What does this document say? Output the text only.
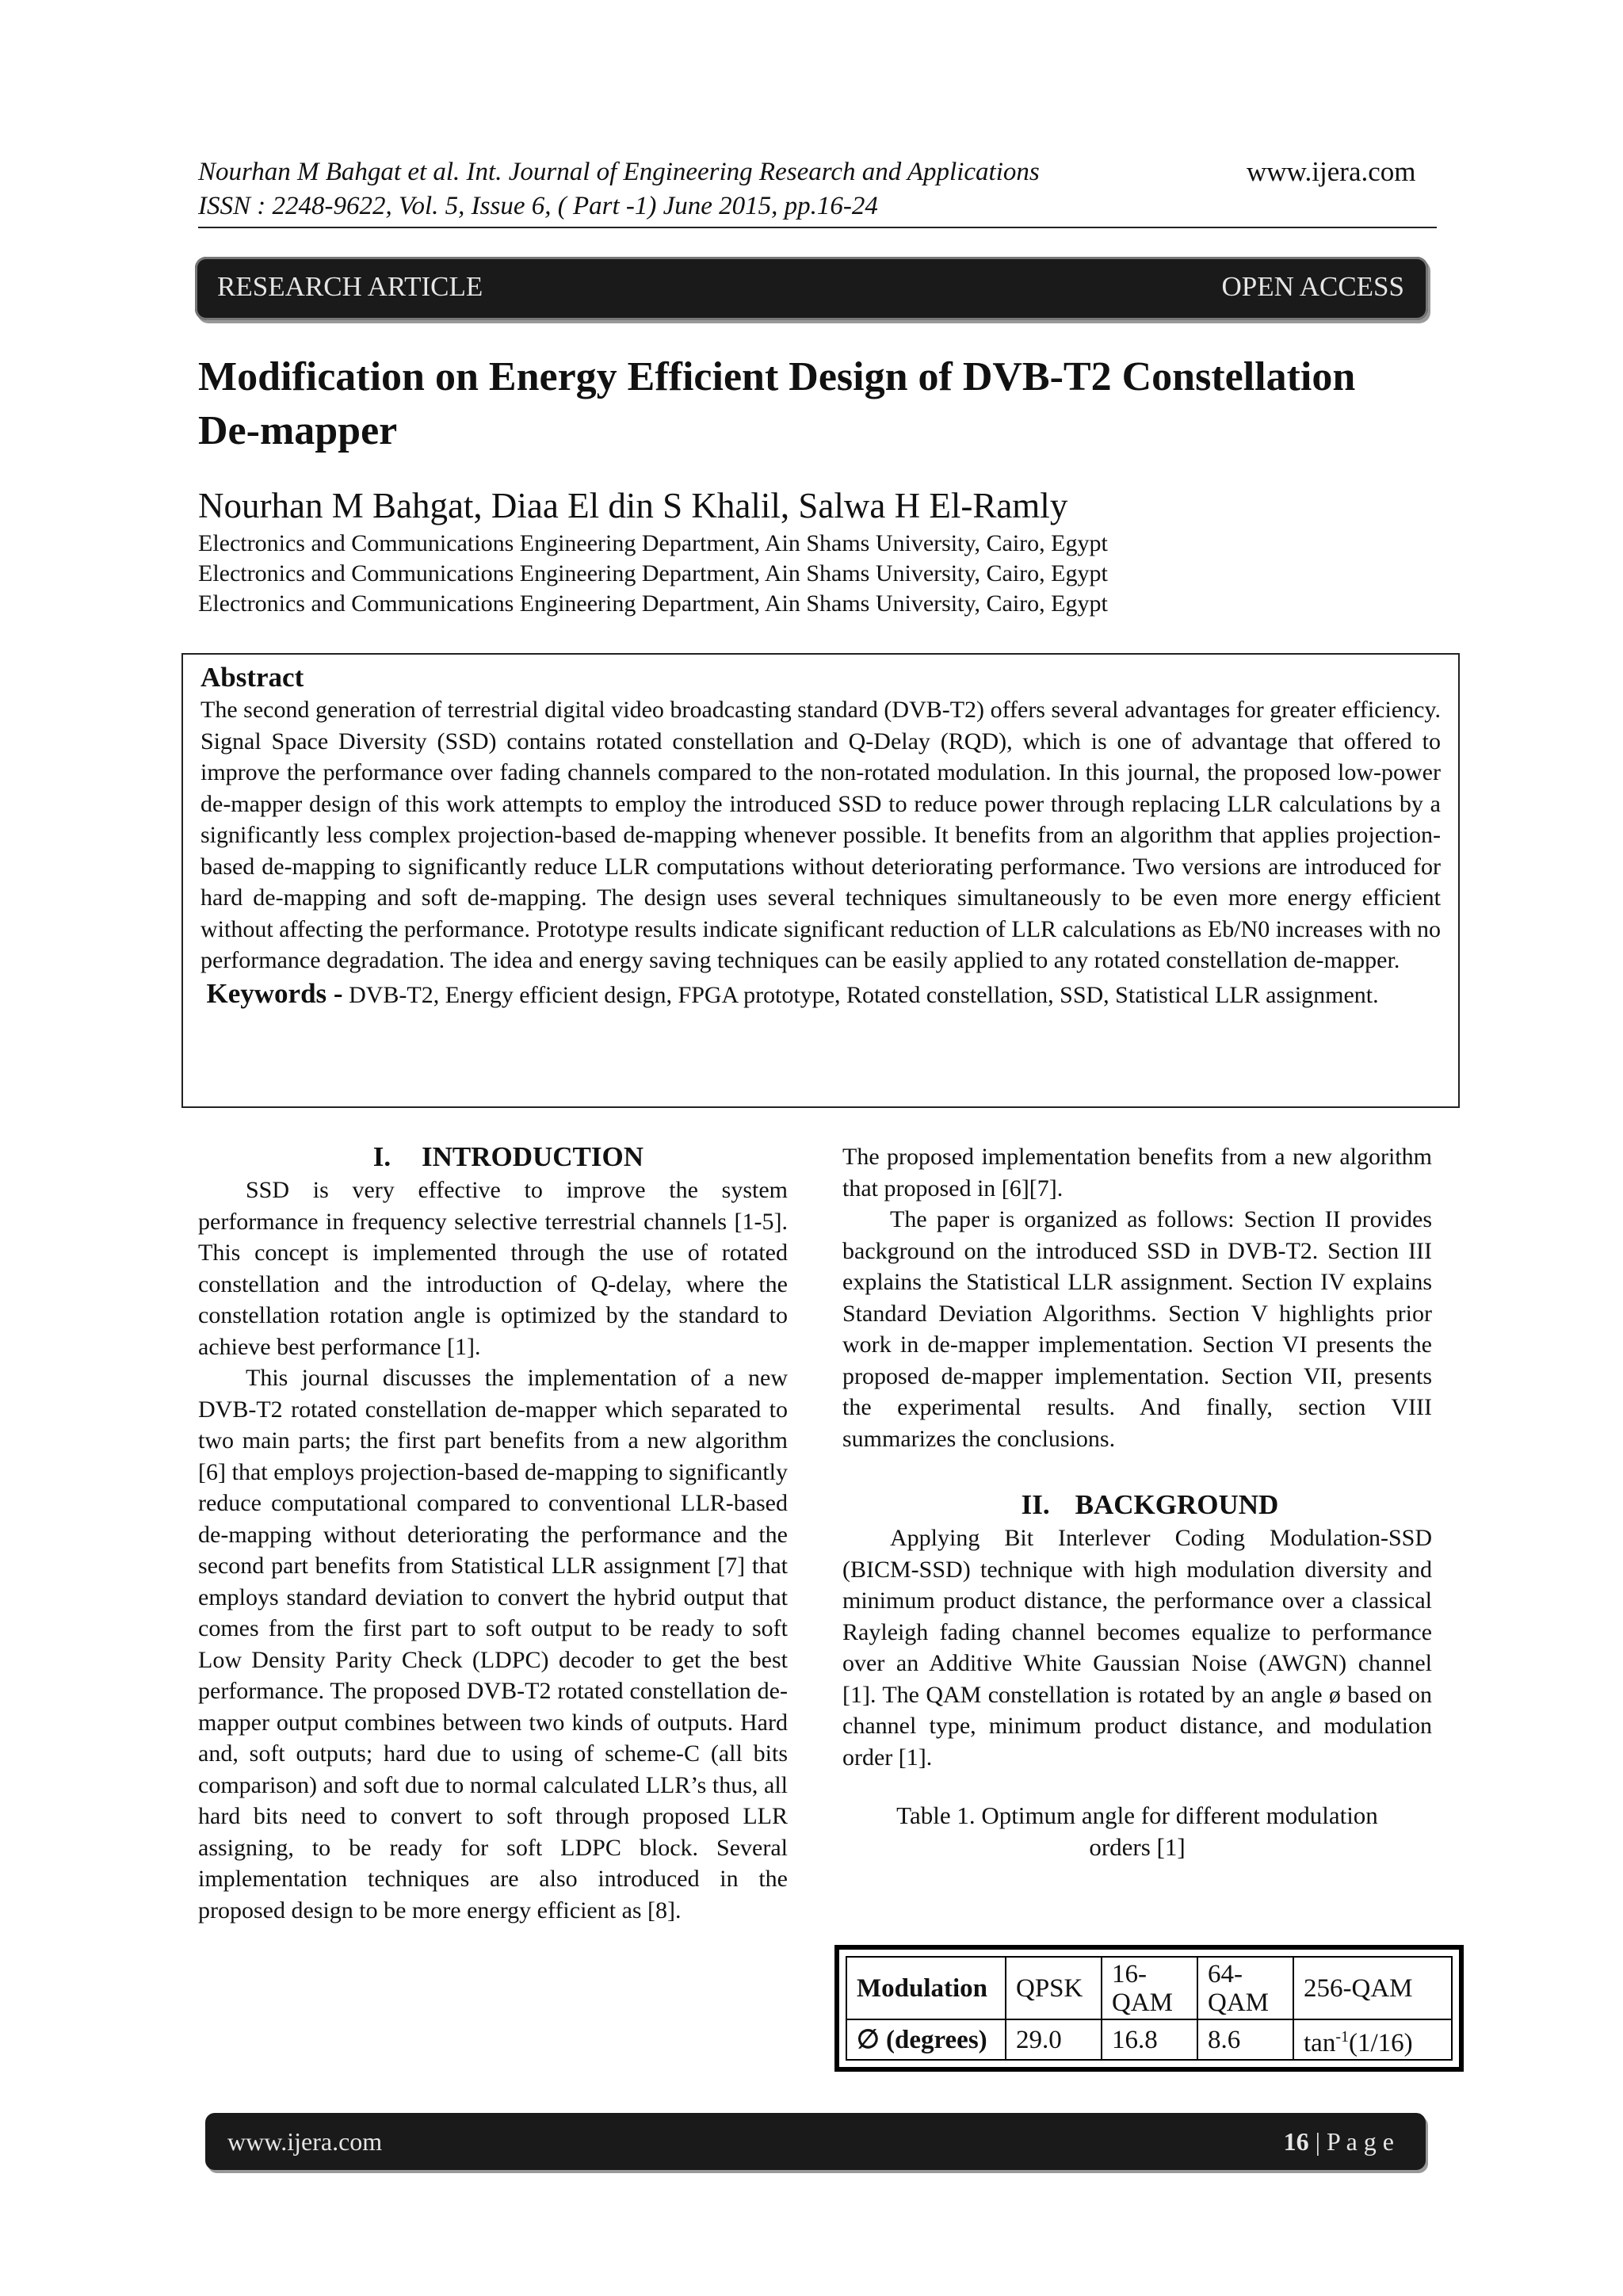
Nourhan M Bahgat et al. Int. Journal of Engineering Research and Applications	www.ijera.com
ISSN : 2248-9622, Vol. 5, Issue 6, ( Part -1) June 2015, pp.16-24
RESEARCH ARTICLE	OPEN ACCESS
Modification on Energy Efficient Design of DVB-T2 Constellation
De-mapper
Nourhan M Bahgat, Diaa El din S Khalil, Salwa H El-Ramly
Electronics and Communications Engineering Department, Ain Shams University, Cairo, Egypt
Electronics and Communications Engineering Department, Ain Shams University, Cairo, Egypt
Electronics and Communications Engineering Department, Ain Shams University, Cairo, Egypt
Abstract

The second generation of terrestrial digital video broadcasting standard (DVB-T2) offers several advantages for greater efficiency. Signal Space Diversity (SSD) contains rotated constellation and Q-Delay (RQD), which is one of advantage that offered to improve the performance over fading channels compared to the non-rotated modulation. In this journal, the proposed low-power de-mapper design of this work attempts to employ the introduced SSD to reduce power through replacing LLR calculations by a significantly less complex projection-based de-mapping whenever possible. It benefits from an algorithm that applies projection-based de-mapping to significantly reduce LLR computations without deteriorating performance. Two versions are introduced for hard de-mapping and soft de-mapping. The design uses several techniques simultaneously to be even more energy efficient without affecting the performance. Prototype results indicate significant reduction of LLR calculations as Eb/N0 increases with no performance degradation. The idea and energy saving techniques can be easily applied to any rotated constellation de-mapper.

Keywords - DVB-T2, Energy efficient design, FPGA prototype, Rotated constellation, SSD, Statistical LLR assignment.

I. INTRODUCTION

SSD is very effective to improve the system performance in frequency selective terrestrial channels [1-5]. This concept is implemented through the use of rotated constellation and the introduction of Q-delay, where the constellation rotation angle is optimized by the standard to achieve best performance [1].

This journal discusses the implementation of a new DVB-T2 rotated constellation de-mapper which separated to two main parts; the first part benefits from a new algorithm [6] that employs projection-based de-mapping to significantly reduce computational compared to conventional LLR-based de-mapping without deteriorating the performance and the second part benefits from Statistical LLR assignment [7] that employs standard deviation to convert the hybrid output that comes from the first part to soft output to be ready to soft Low Density Parity Check (LDPC) decoder to get the best performance. The proposed DVB-T2 rotated constellation de-mapper output combines between two kinds of outputs. Hard and, soft outputs; hard due to using of scheme-C (all bits comparison) and soft due to normal calculated LLR’s thus, all hard bits need to convert to soft through proposed LLR assigning, to be ready for soft LDPC block. Several implementation techniques are also introduced in the proposed design to be more energy efficient as [8].

The proposed implementation benefits from a new algorithm that proposed in [6][7].

The paper is organized as follows: Section II provides background on the introduced SSD in DVB-T2. Section III explains the Statistical LLR assignment. Section IV explains Standard Deviation Algorithms. Section V highlights prior work in de-mapper implementation. Section VI presents the proposed de-mapper implementation. Section VII, presents the experimental results. And finally, section VIII summarizes the conclusions.

II. BACKGROUND

Applying Bit Interlever Coding Modulation-SSD (BICM-SSD) technique with high modulation diversity and minimum product distance, the performance over a classical Rayleigh fading channel becomes equalize to performance over an Additive White Gaussian Noise (AWGN) channel [1]. The QAM constellation is rotated by an angle ø based on channel type, minimum product distance, and modulation order [1].

Table 1. Optimum angle for different modulation
orders [1]
Modulation	QPSK	16-QAM	64-QAM	256-QAM
∅ (degrees)	29.0	16.8	8.6	$\tan^{-1}(1/16)$
www.ijera.com	16 | P a g e
